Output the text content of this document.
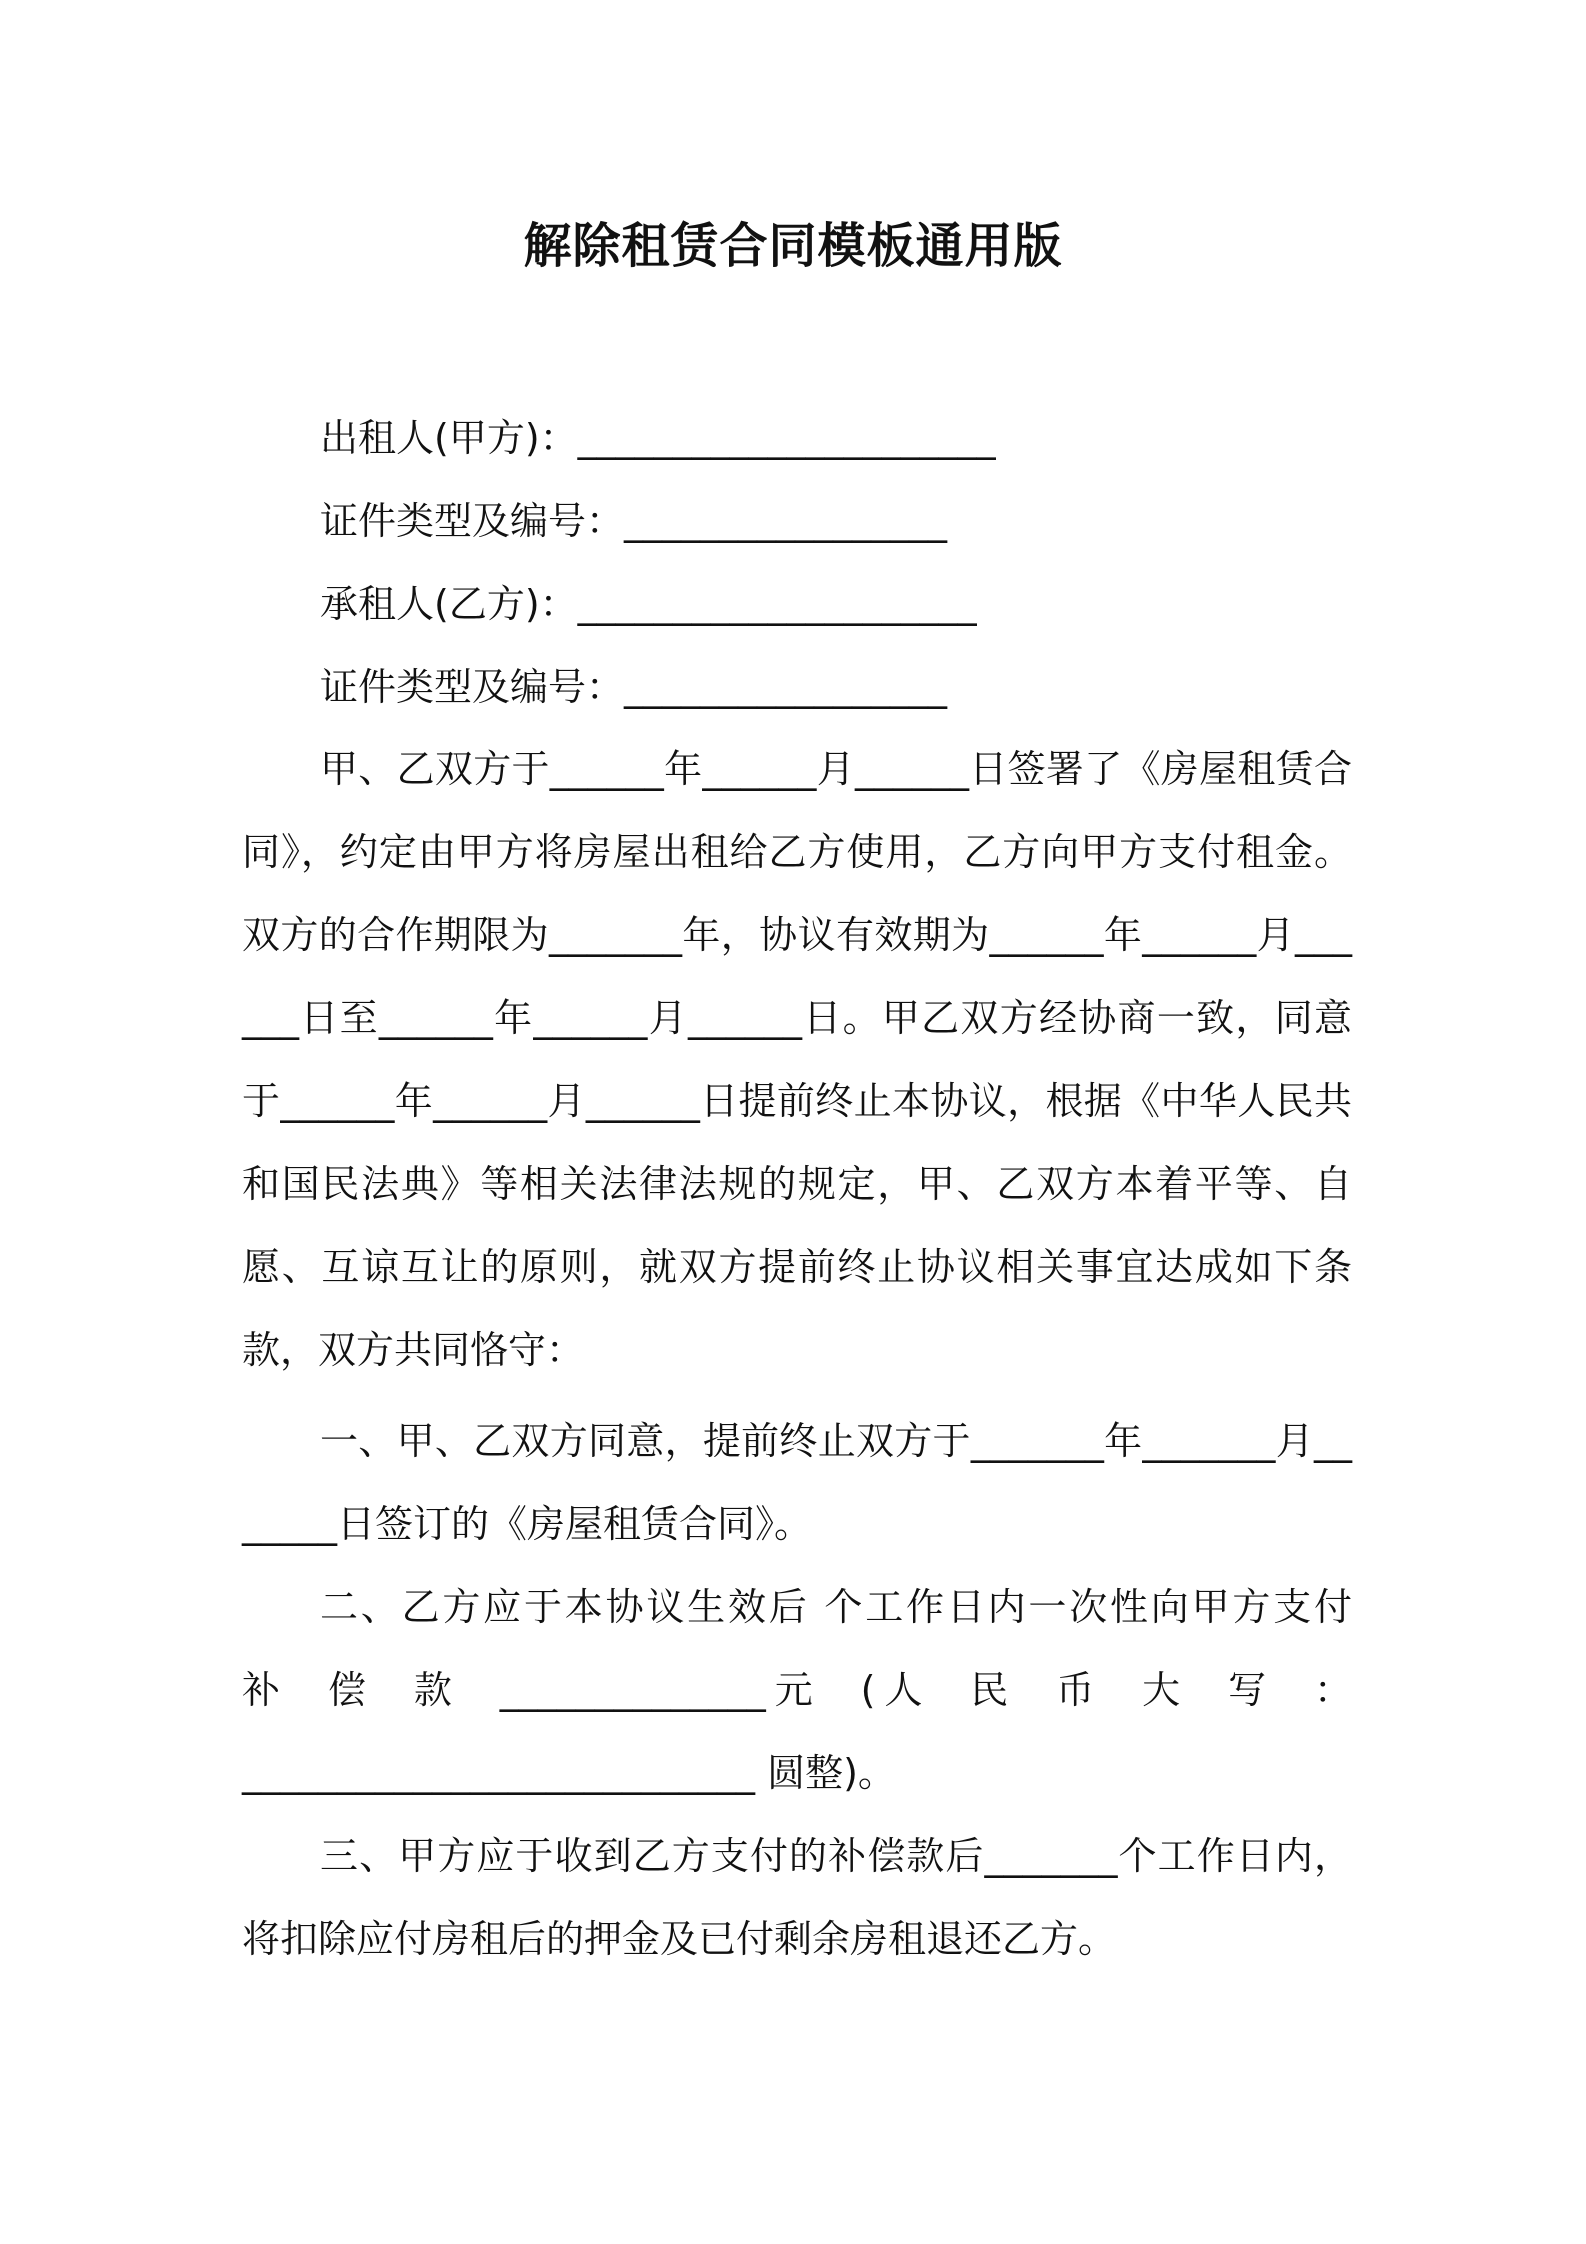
解除租赁合同模板通用版
出租人(甲方)：______________________
证件类型及编号：_________________
承租人(乙方)：_____________________
证件类型及编号：_________________
甲、乙双方于______年______月______日签署了《房屋租赁合同》，约定由甲方将房屋出租给乙方使用，乙方向甲方支付租金。双方的合作期限为_______年，协议有效期为______年______月______日至______年______月______日。甲乙双方经协商一致，同意于______年______月______日提前终止本协议，根据《中华人民共和国民法典》等相关法律法规的规定，甲、乙双方本着平等、自愿、互谅互让的原则，就双方提前终止协议相关事宜达成如下条款，双方共同恪守：
一、甲、乙双方同意，提前终止双方于_______年_______月_______日签订的《房屋租赁合同》。
二、乙方应于本协议生效后 个工作日内一次性向甲方支付
补 偿 款 ______________元 (人 民 币 大 写 ：
___________________________ 圆整)。
三、甲方应于收到乙方支付的补偿款后_______个工作日内，将扣除应付房租后的押金及已付剩余房租退还乙方。
